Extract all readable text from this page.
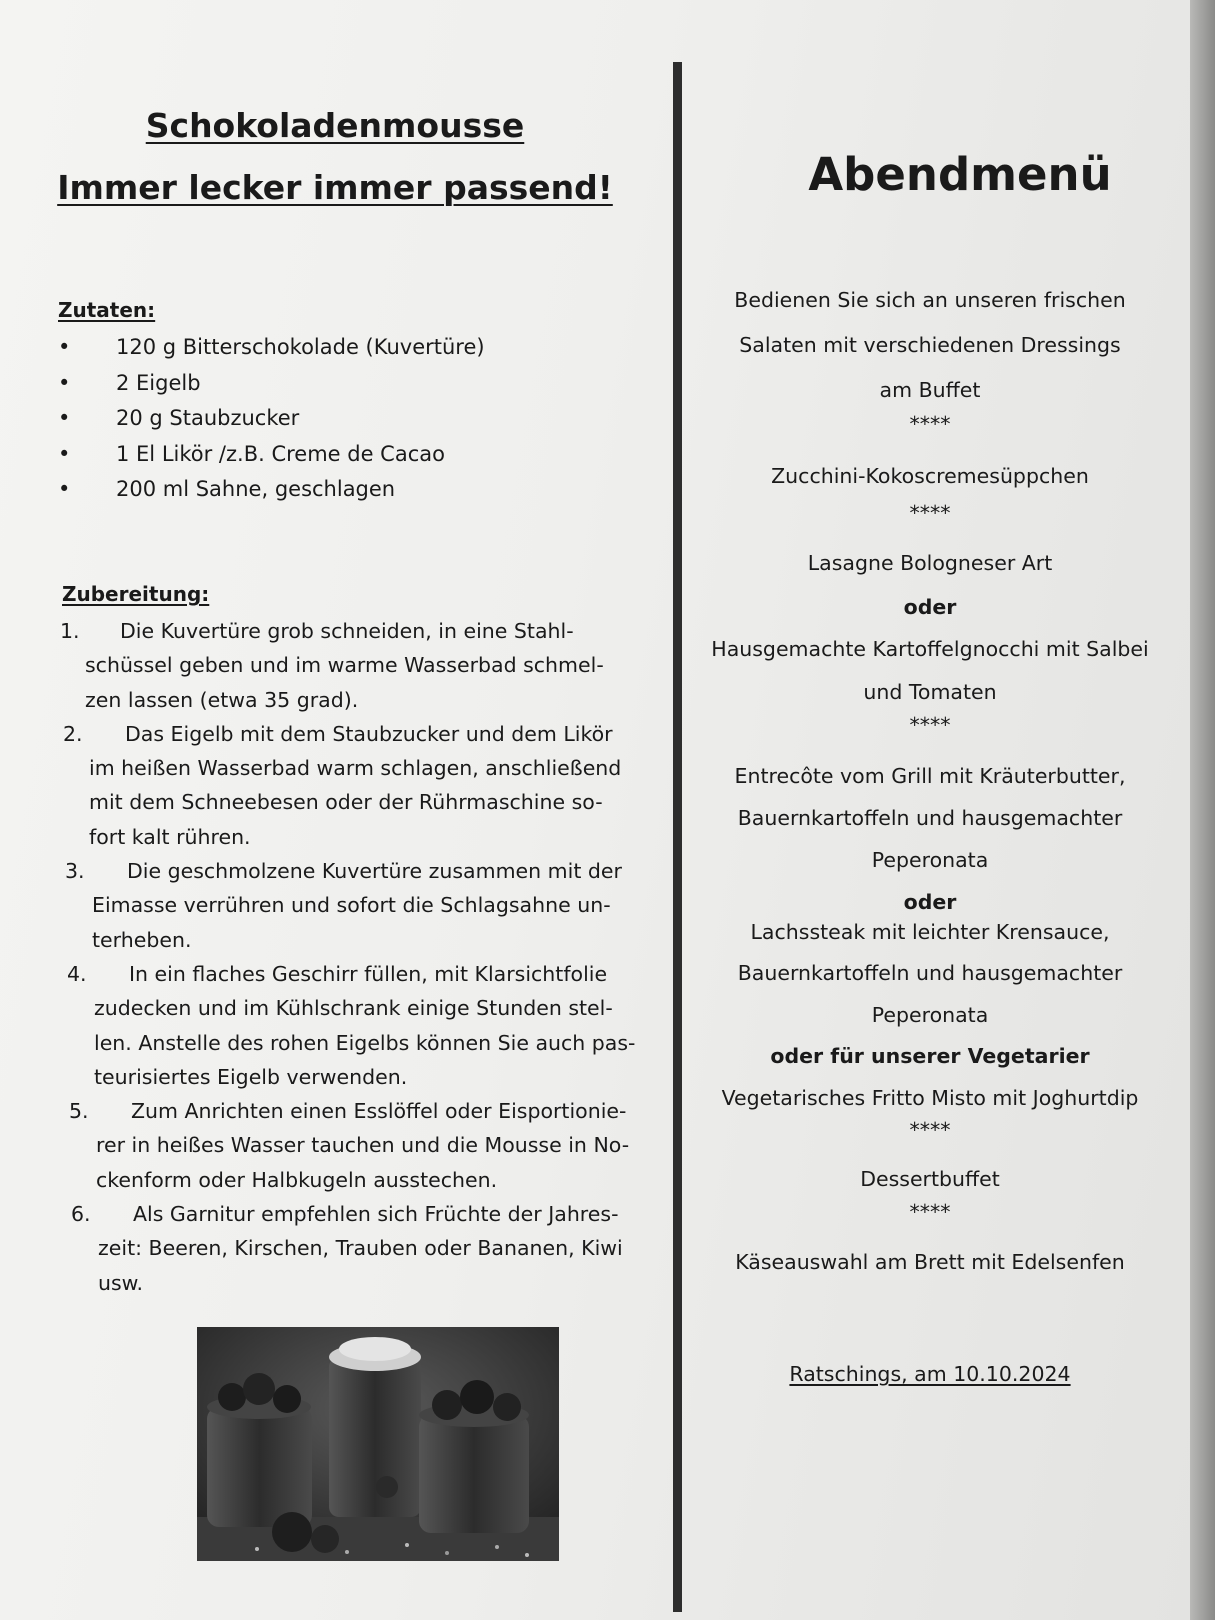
Schokoladenmousse
Immer lecker immer passend!
Zutaten:
•	120 g Bitterschokolade (Kuvertüre)
•	2 Eigelb
•	20 g Staubzucker
•	1 El Likör /z.B. Creme de Cacao
•	200 ml Sahne, geschlagen
Zubereitung:
1.	Die Kuvertüre grob schneiden, in eine Stahl-
schüssel geben und im warme Wasserbad schmel-
zen lassen (etwa 35 grad).
2.	Das Eigelb mit dem Staubzucker und dem Likör
im heißen Wasserbad warm schlagen, anschließend
mit dem Schneebesen oder der Rührmaschine so-
fort kalt rühren.
3.	Die geschmolzene Kuvertüre zusammen mit der
Eimasse verrühren und sofort die Schlagsahne un-
terheben.
4.	In ein flaches Geschirr füllen, mit Klarsichtfolie
zudecken und im Kühlschrank einige Stunden stel-
len. Anstelle des rohen Eigelbs können Sie auch pas-
teurisiertes Eigelb verwenden.
5.	Zum Anrichten einen Esslöffel oder Eisportionie-
rer in heißes Wasser tauchen und die Mousse in No-
ckenform oder Halbkugeln ausstechen.
6.	Als Garnitur empfehlen sich Früchte der Jahres-
zeit: Beeren, Kirschen, Trauben oder Bananen, Kiwi
usw.
Abendmenü
Bedienen Sie sich an unseren frischen
Salaten mit verschiedenen Dressings
am Buffet
****
Zucchini-Kokoscremesüppchen
****
Lasagne Bologneser Art
oder
Hausgemachte Kartoffelgnocchi mit Salbei
und Tomaten
****
Entrecôte vom Grill mit Kräuterbutter,
Bauernkartoffeln und hausgemachter
Peperonata
oder
Lachssteak mit leichter Krensauce,
Bauernkartoffeln und hausgemachter
Peperonata
oder für unserer Vegetarier
Vegetarisches Fritto Misto mit Joghurtdip
****
Dessertbuffet
****
Käseauswahl am Brett mit Edelsenfen
Ratschings, am 10.10.2024
